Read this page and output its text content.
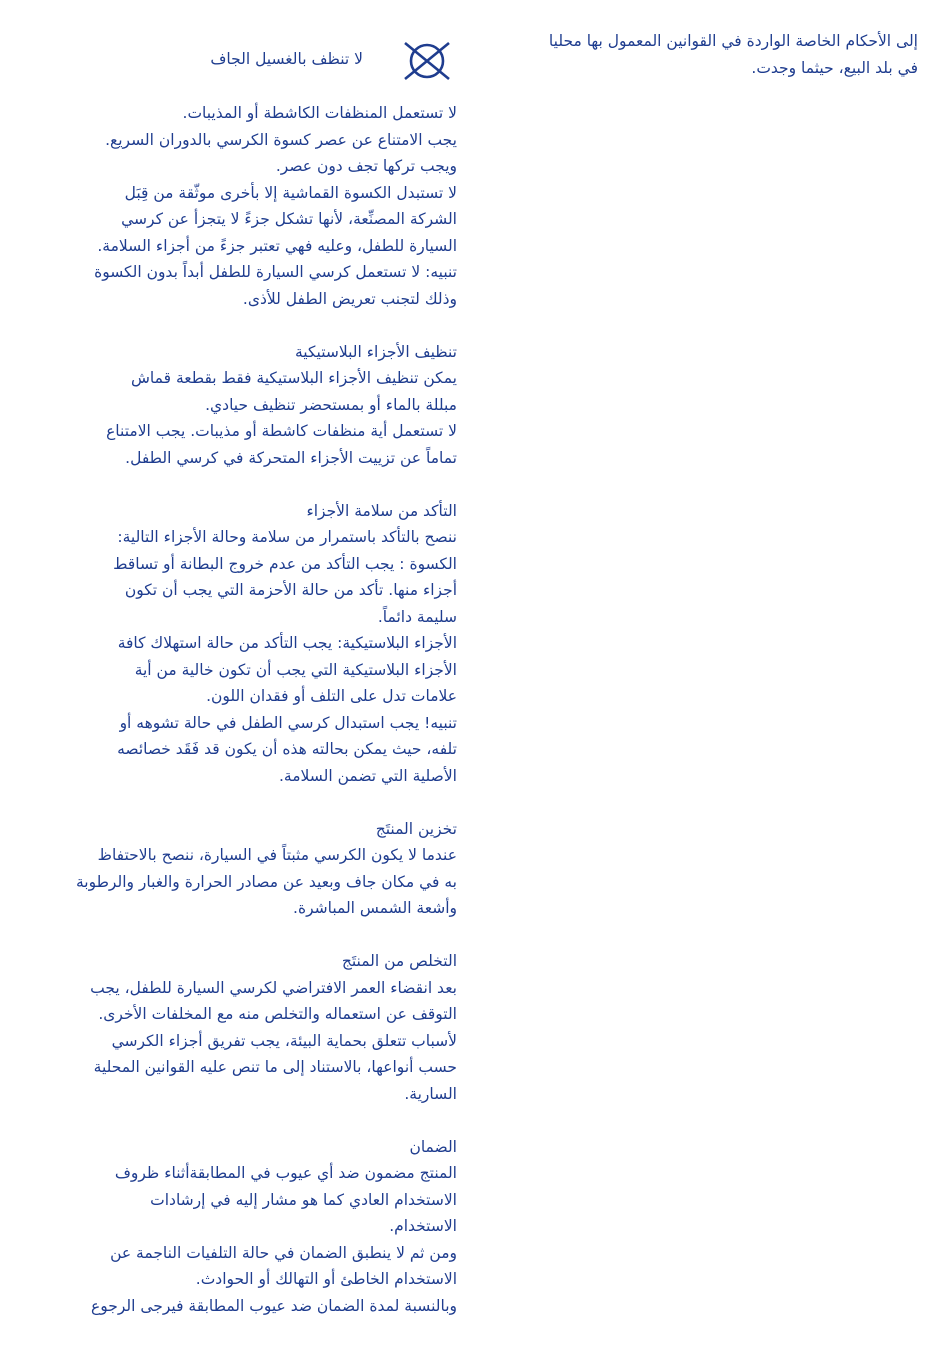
إلى الأحكام الخاصة الواردة في القوانين المعمول بها محليا
في بلد البيع، حيثما وجدت.
لا تنظف بالغسيل الجاف
لا تستعمل المنظفات الكاشطة أو المذيبات.
يجب الامتناع عن عصر كسوة الكرسي بالدوران السريع.
ويجب تركها تجف دون عصر.
لا تستبدل الكسوة القماشية إلا بأخرى موثّقة من قِبَل
الشركة المصنِّعة، لأنها تشكل جزءً لا يتجزأ عن كرسي
السيارة للطفل، وعليه فهي تعتبر جزءً من أجزاء السلامة.
تنبيه: لا تستعمل كرسي السيارة للطفل أبداً بدون الكسوة
وذلك لتجنب تعريض الطفل للأذى.
تنظيف الأجزاء البلاستيكية
يمكن تنظيف الأجزاء البلاستيكية فقط بقطعة قماش
مبللة بالماء أو بمستحضر تنظيف حيادي.
لا تستعمل أية منظفات كاشطة أو مذيبات. يجب الامتناع
تماماً عن تزييت الأجزاء المتحركة في كرسي الطفل.
التأكد من سلامة الأجزاء
ننصح بالتأكد باستمرار من سلامة وحالة الأجزاء التالية:
الكسوة : يجب التأكد من عدم خروج البطانة أو تساقط
أجزاء منها. تأكد من حالة الأحزمة التي يجب أن تكون
سليمة دائماً.
الأجزاء البلاستيكية: يجب التأكد من حالة استهلاك كافة
الأجزاء البلاستيكية التي يجب أن تكون خالية من أية
علامات تدل على التلف أو فقدان اللون.
تنبيه! يجب استبدال كرسي الطفل في حالة تشوهه أو
تلفه، حيث يمكن بحالته هذه أن يكون قد فَقَد خصائصه
الأصلية التي تضمن السلامة.
تخزين المنتَج
عندما لا يكون الكرسي مثبتاً في السيارة، ننصح بالاحتفاظ
به في مكان جاف وبعيد عن مصادر الحرارة والغبار والرطوبة
وأشعة الشمس المباشرة.
التخلص من المنتَج
بعد انقضاء العمر الافتراضي لكرسي السيارة للطفل، يجب
التوقف عن استعماله والتخلص منه مع المخلفات الأخرى.
لأسباب تتعلق بحماية البيئة، يجب تفريق أجزاء الكرسي
حسب أنواعها، بالاستناد إلى ما تنص عليه القوانين المحلية
السارية.
الضمان
المنتج مضمون ضد أي عيوب في المطابقةأثناء ظروف
الاستخدام العادي كما هو مشار إليه في إرشادات
الاستخدام.
ومن ثم لا ينطبق الضمان في حالة التلفيات الناجمة عن
الاستخدام الخاطئ أو التهالك أو الحوادث.
وبالنسبة لمدة الضمان ضد عيوب المطابقة فيرجى الرجوع
